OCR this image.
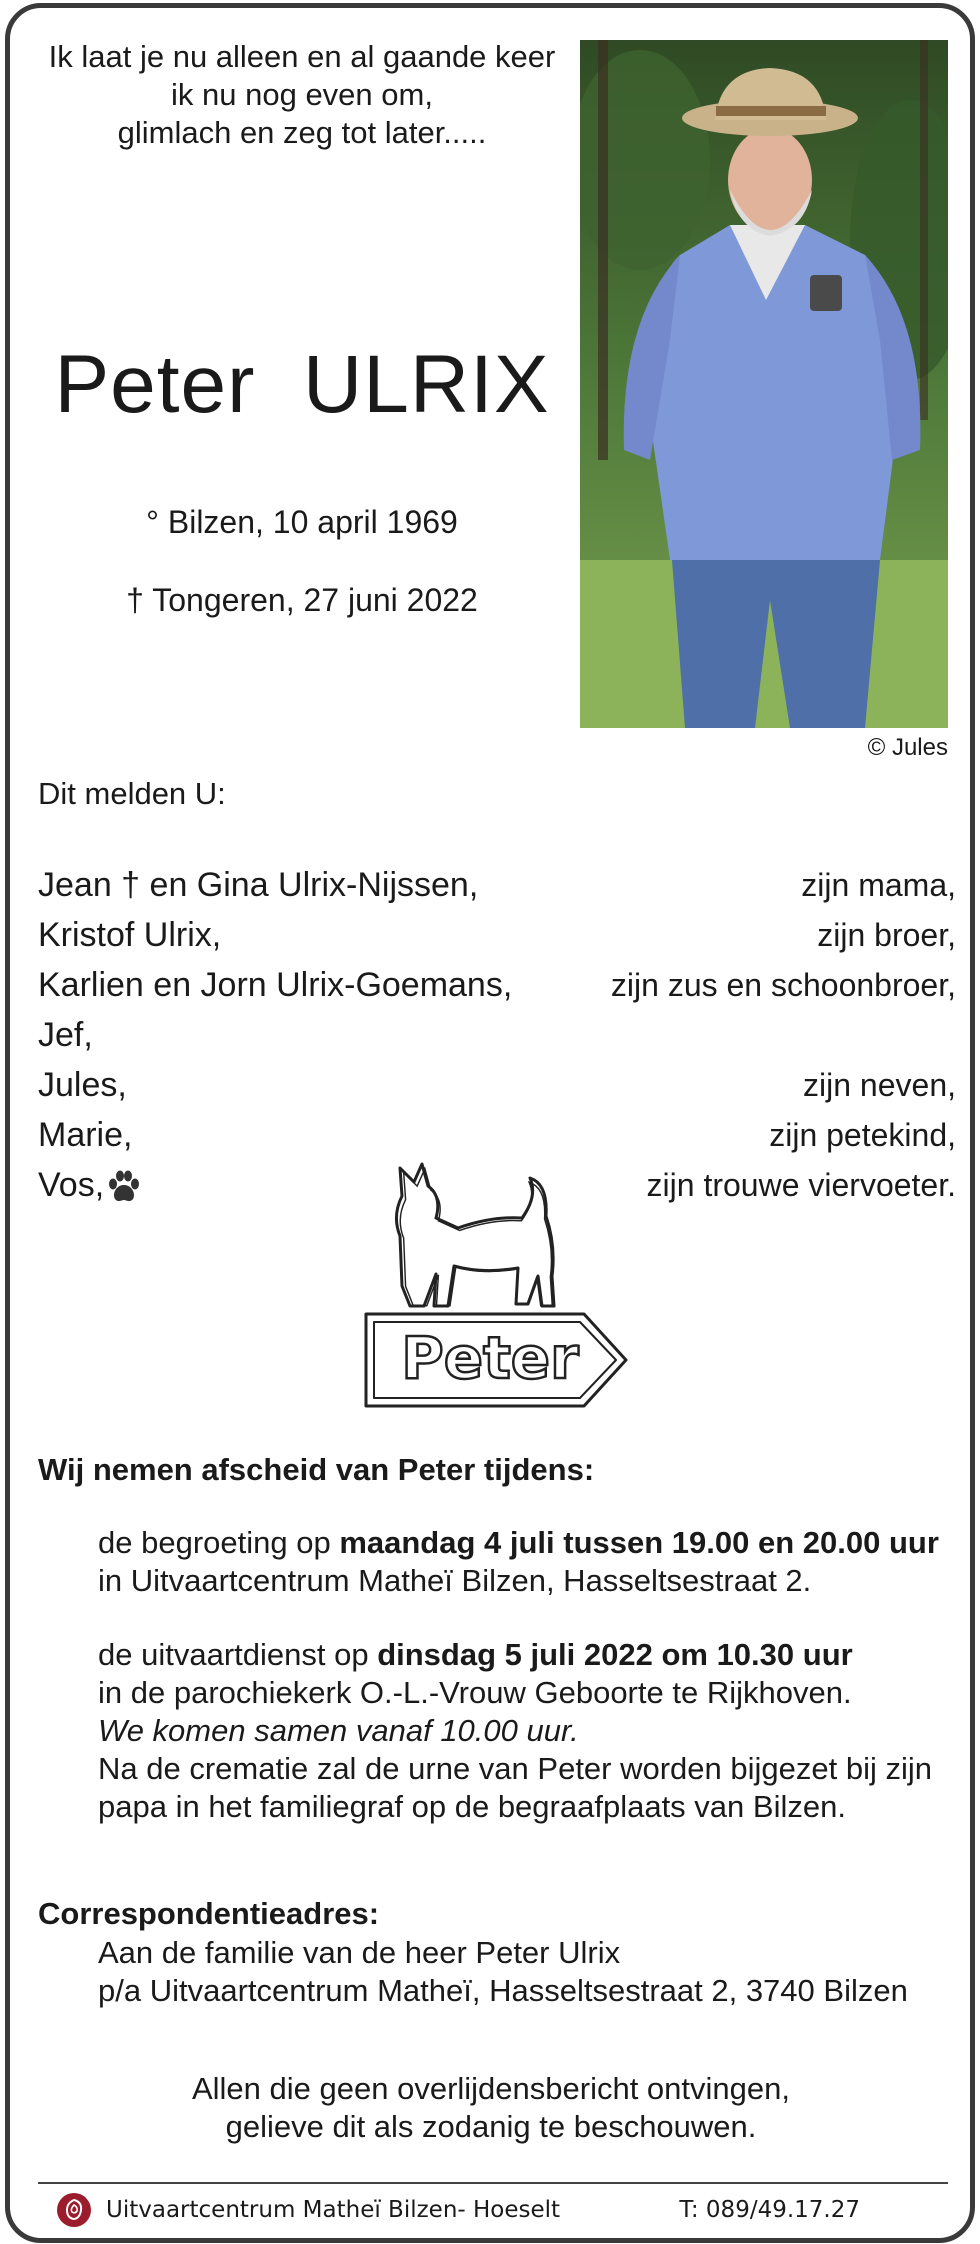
Ik laat je nu alleen en al gaande keer
ik nu nog even om,
glimlach en zeg tot later.....
Peter  ULRIX
° Bilzen, 10 april 1969
† Tongeren, 27 juni 2022
© Jules
Dit melden U:
Jean † en Gina Ulrix-Nijssen,	zijn mama,
Kristof Ulrix,	zijn broer,
Karlien en Jorn Ulrix-Goemans,	zijn zus en schoonbroer,
Jef,
Jules,	zijn neven,
Marie,	zijn petekind,
Vos,	zijn trouwe viervoeter.
Peter
Wij nemen afscheid van Peter tijdens:
de begroeting op maandag 4 juli tussen 19.00 en 20.00 uur
in Uitvaartcentrum Matheï Bilzen, Hasseltsestraat 2.
de uitvaartdienst op dinsdag 5 juli 2022 om 10.30 uur
in de parochiekerk O.-L.-Vrouw Geboorte te Rijkhoven.
We komen samen vanaf 10.00 uur.
Na de crematie zal de urne van Peter worden bijgezet bij zijn
papa in het familiegraf op de begraafplaats van Bilzen.
Correspondentieadres:
Aan de familie van de heer Peter Ulrix
p/a Uitvaartcentrum Matheï, Hasseltsestraat 2, 3740 Bilzen
Allen die geen overlijdensbericht ontvingen,
gelieve dit als zodanig te beschouwen.
Uitvaartcentrum Matheï Bilzen- Hoeselt	T: 089/49.17.27
